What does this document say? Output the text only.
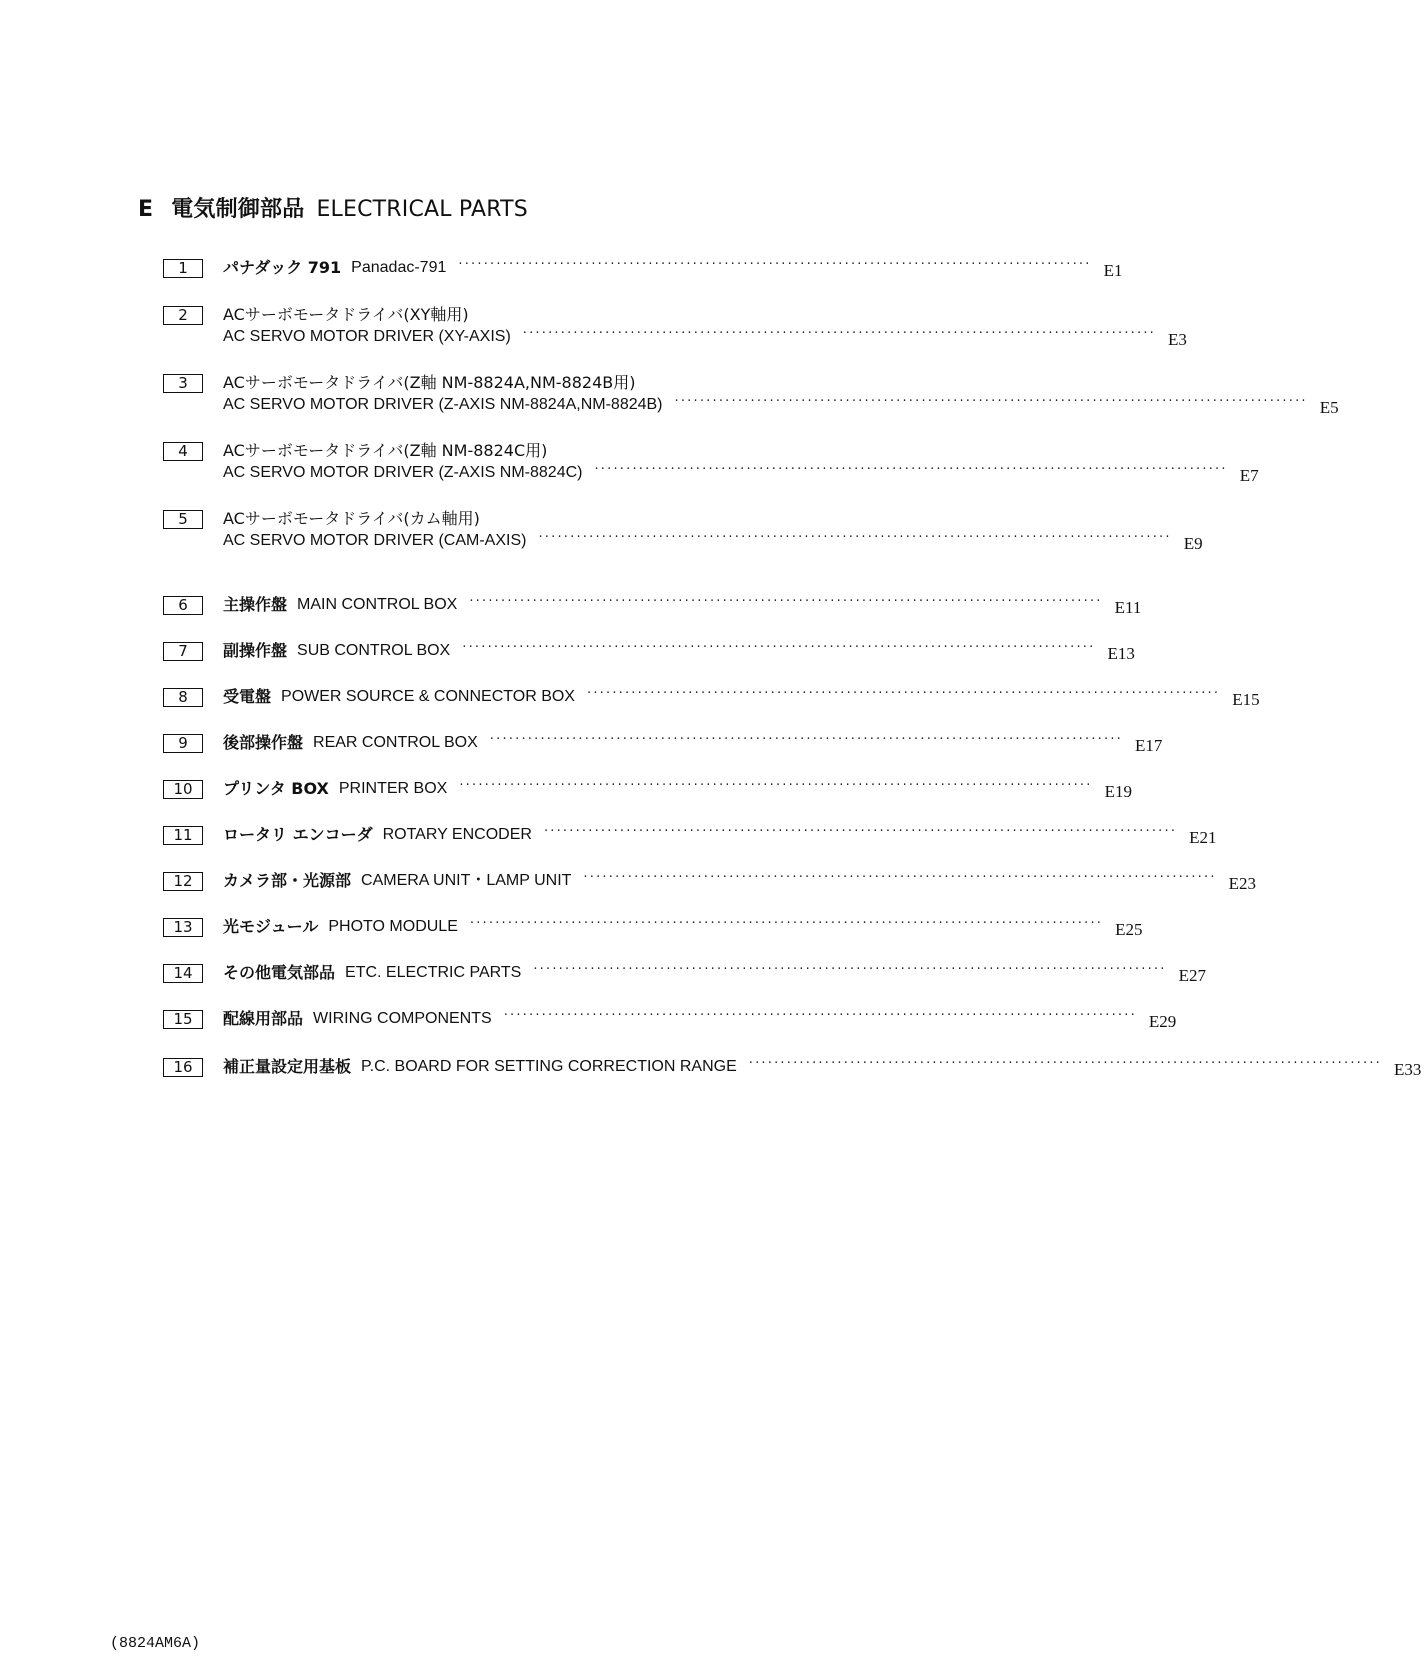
E 電気制御部品 ELECTRICAL PARTS
1	パナダック 791 Panadac-791 ···································································································· E1
2	ACサーボモータドライバ(XY軸用)
AC SERVO MOTOR DRIVER (XY-AXIS) ···································································································· E3
3	ACサーボモータドライバ(Z軸 NM-8824A,NM-8824B用)
AC SERVO MOTOR DRIVER (Z-AXIS NM-8824A,NM-8824B) ···································································································· E5
4	ACサーボモータドライバ(Z軸 NM-8824C用)
AC SERVO MOTOR DRIVER (Z-AXIS NM-8824C) ···································································································· E7
5	ACサーボモータドライバ(カム軸用)
AC SERVO MOTOR DRIVER (CAM-AXIS) ···································································································· E9
6	主操作盤 MAIN CONTROL BOX ···································································································· E11
7	副操作盤 SUB CONTROL BOX ···································································································· E13
8	受電盤 POWER SOURCE & CONNECTOR BOX ···································································································· E15
9	後部操作盤 REAR CONTROL BOX ···································································································· E17
10	プリンタ BOX PRINTER BOX ···································································································· E19
11	ロータリ エンコーダ ROTARY ENCODER ···································································································· E21
12	カメラ部・光源部 CAMERA UNIT・LAMP UNIT ···································································································· E23
13	光モジュール PHOTO MODULE ···································································································· E25
14	その他電気部品 ETC. ELECTRIC PARTS ···································································································· E27
15	配線用部品 WIRING COMPONENTS ···································································································· E29
16	補正量設定用基板 P.C. BOARD FOR SETTING CORRECTION RANGE ···································································································· E33
(8824AM6A)
